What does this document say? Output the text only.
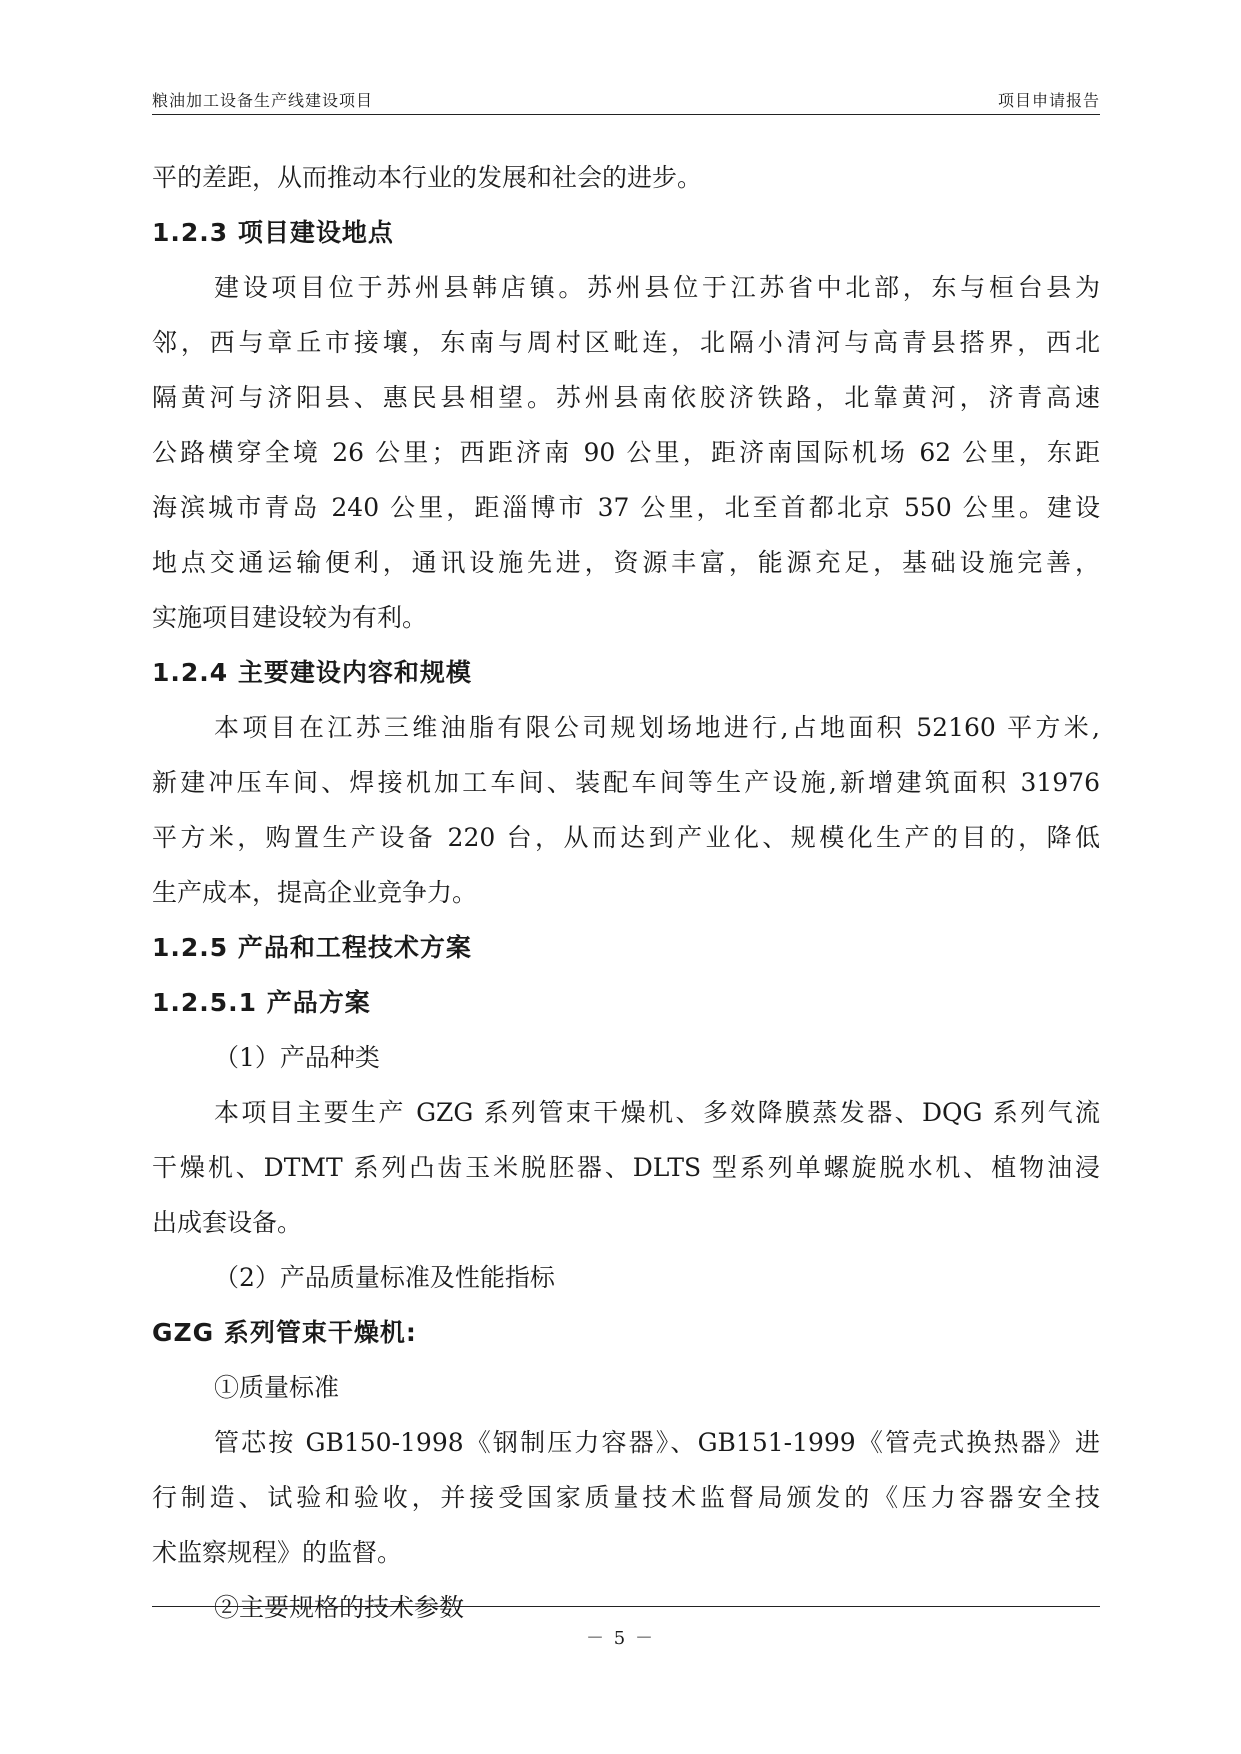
粮油加工设备生产线建设项目	项目申请报告
平的差距，从而推动本行业的发展和社会的进步。
1.2.3 项目建设地点
建设项目位于苏州县韩店镇。苏州县位于江苏省中北部，东与桓台县为
邻，西与章丘市接壤，东南与周村区毗连，北隔小清河与高青县搭界，西北
隔黄河与济阳县、惠民县相望。苏州县南依胶济铁路，北靠黄河，济青高速
公路横穿全境 26 公里；西距济南 90 公里，距济南国际机场 62 公里，东距
海滨城市青岛 240 公里，距淄博市 37 公里，北至首都北京 550 公里。建设
地点交通运输便利，通讯设施先进，资源丰富，能源充足，基础设施完善，
实施项目建设较为有利。
1.2.4 主要建设内容和规模
本项目在江苏三维油脂有限公司规划场地进行,占地面积 52160 平方米,
新建冲压车间、焊接机加工车间、装配车间等生产设施,新增建筑面积 31976
平方米，购置生产设备 220 台，从而达到产业化、规模化生产的目的，降低
生产成本，提高企业竞争力。
1.2.5 产品和工程技术方案
1.2.5.1 产品方案
（1）产品种类
本项目主要生产 GZG 系列管束干燥机、多效降膜蒸发器、DQG 系列气流
干燥机、DTMT 系列凸齿玉米脱胚器、DLTS 型系列单螺旋脱水机、植物油浸
出成套设备。
（2）产品质量标准及性能指标
GZG 系列管束干燥机:
①质量标准
管芯按 GB150-1998《钢制压力容器》、GB151-1999《管壳式换热器》进
行制造、试验和验收，并接受国家质量技术监督局颁发的《压力容器安全技
术监察规程》的监督。
②主要规格的技术参数
－ 5 －
